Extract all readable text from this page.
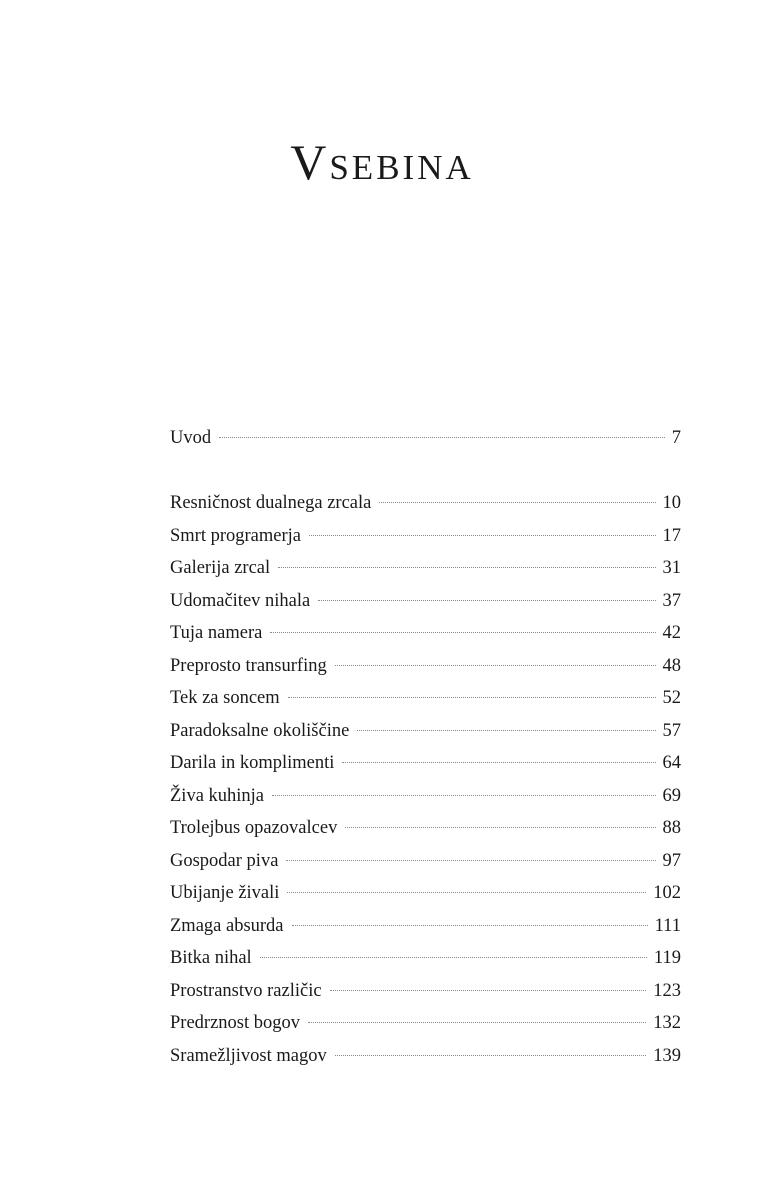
Vsebina
Uvod	7
Resničnost dualnega zrcala	10
Smrt programerja	17
Galerija zrcal	31
Udomačitev nihala	37
Tuja namera	42
Preprosto transurfing	48
Tek za soncem	52
Paradoksalne okoliščine	57
Darila in komplimenti	64
Živa kuhinja	69
Trolejbus opazovalcev	88
Gospodar piva	97
Ubijanje živali	102
Zmaga absurda	111
Bitka nihal	119
Prostranstvo različic	123
Predrznost bogov	132
Sramežljivost magov	139
